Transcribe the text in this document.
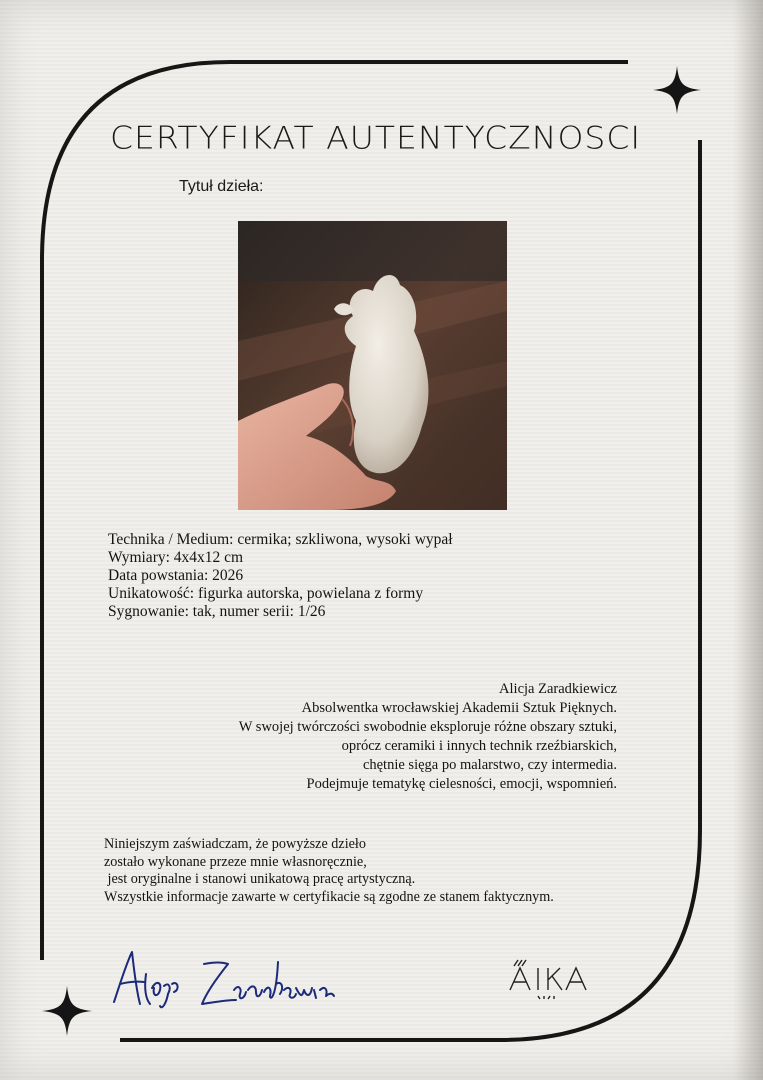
CERTYFIKAT AUTENTYCZNOSCI
Tytuł dzieła:
Technika / Medium: cermika; szkliwona, wysoki wypał
Wymiary: 4x4x12 cm
Data powstania: 2026
Unikatowość: figurka autorska, powielana z formy
Sygnowanie: tak, numer serii: 1/26
Alicja Zaradkiewicz
Absolwentka wrocławskiej Akademii Sztuk Pięknych.
W swojej twórczości swobodnie eksploruje różne obszary sztuki,
oprócz ceramiki i innych technik rzeźbiarskich,
chętnie sięga po malarstwo, czy intermedia.
Podejmuje tematykę cielesności, emocji, wspomnień.
Niniejszym zaświadczam, że powyższe dzieło
zostało wykonane przeze mnie własnoręcznie,
jest oryginalne i stanowi unikatową pracę artystyczną.
Wszystkie informacje zawarte w certyfikacie są zgodne ze stanem faktycznym.
